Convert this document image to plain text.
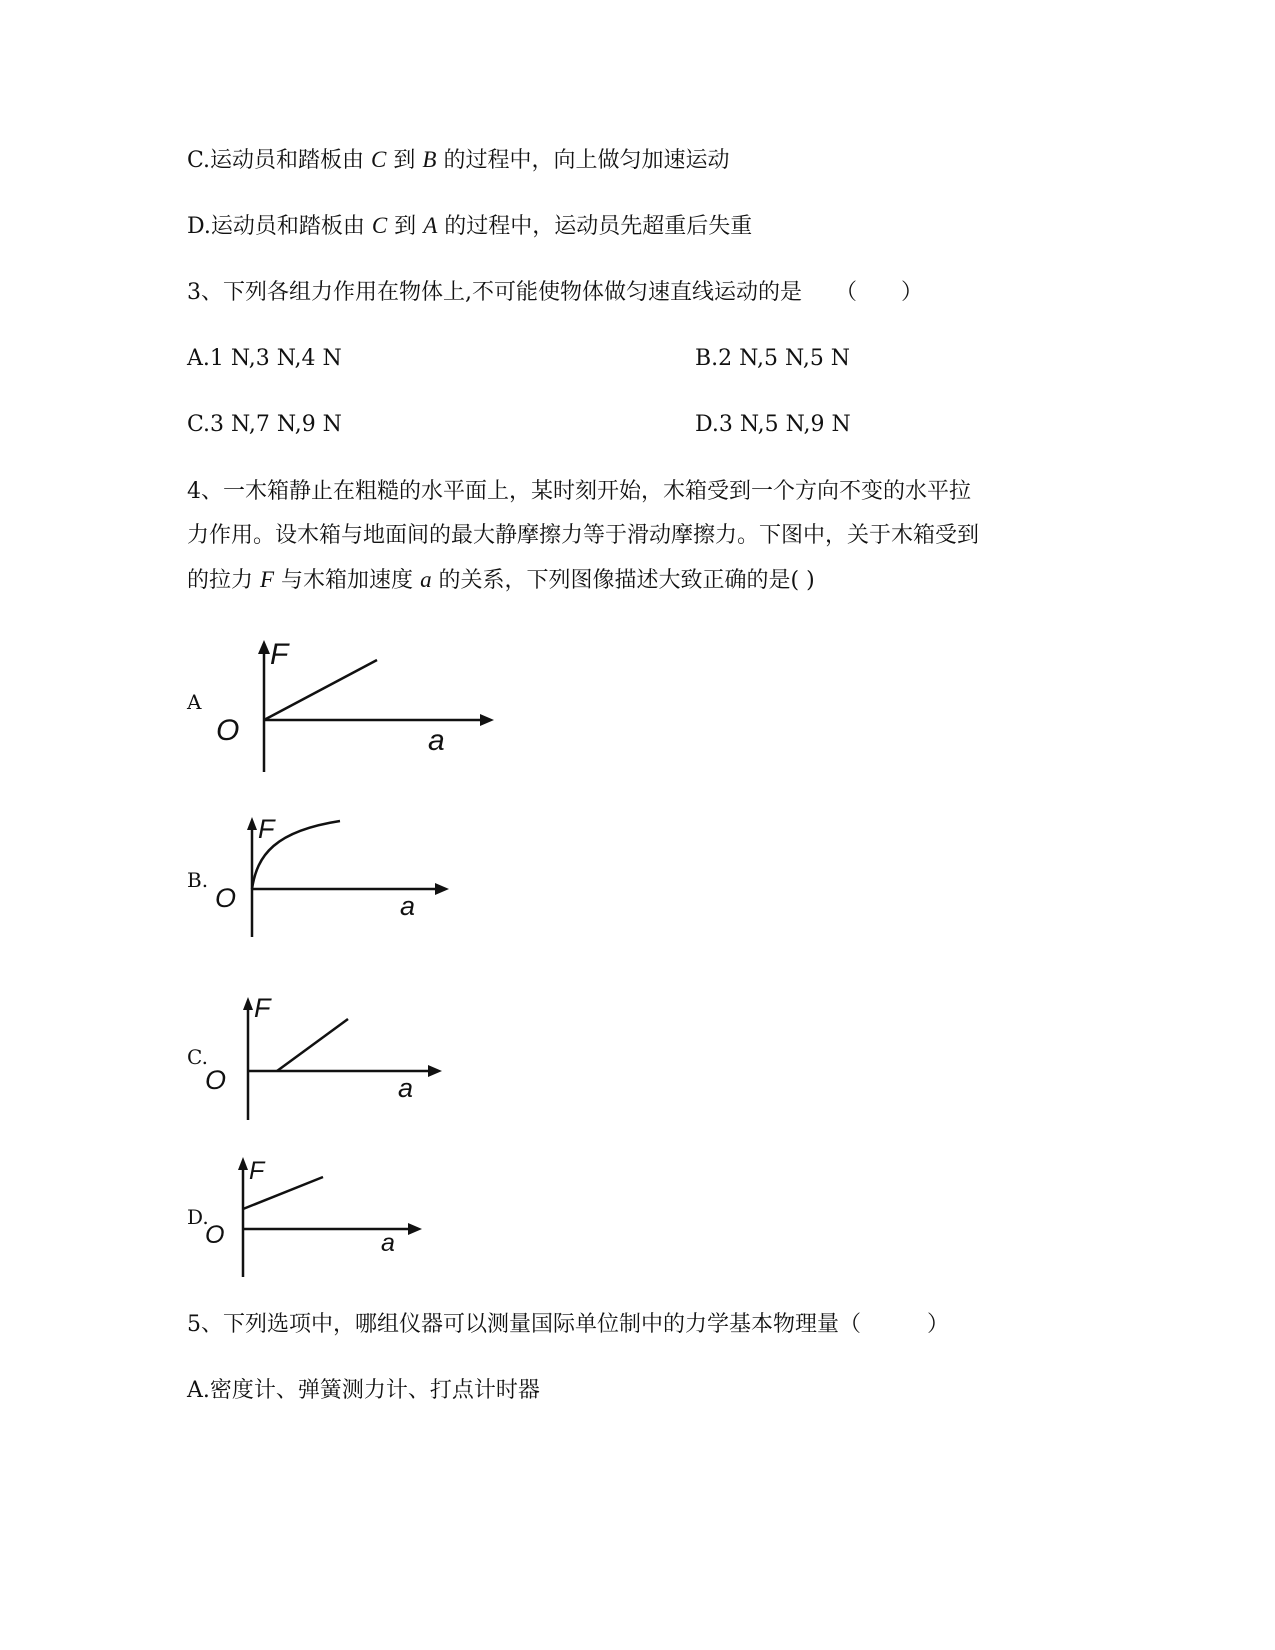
C.运动员和踏板由 C 到 B 的过程中，向上做匀加速运动
D.运动员和踏板由 C 到 A 的过程中，运动员先超重后失重
3、下列各组力作用在物体上,不可能使物体做匀速直线运动的是　　（　　）
A.1 N,3 N,4 N	B.2 N,5 N,5 N
C.3 N,7 N,9 N	D.3 N,5 N,9 N
4、一木箱静止在粗糙的水平面上，某时刻开始，木箱受到一个方向不变的水平拉
力作用。设木箱与地面间的最大静摩擦力等于滑动摩擦力。下图中，关于木箱受到
的拉力 F 与木箱加速度 a 的关系，下列图像描述大致正确的是( )
A
F
O	a
B.
F
O	a
C.
F
O	a
D.
F
O	a
5、下列选项中，哪组仪器可以测量国际单位制中的力学基本物理量（　　　）
A.密度计、弹簧测力计、打点计时器
